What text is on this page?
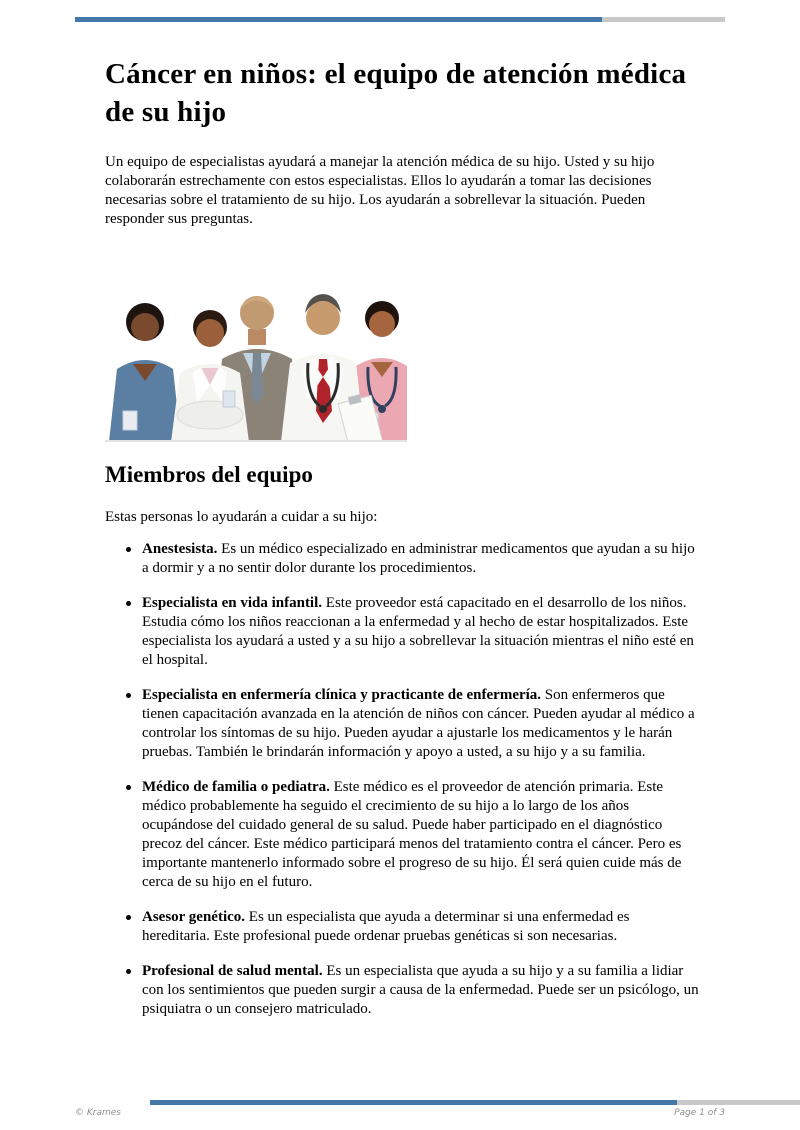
Cáncer en niños: el equipo de atención médica de su hijo

Un equipo de especialistas ayudará a manejar la atención médica de su hijo. Usted y su hijo colaborarán estrechamente con estos especialistas. Ellos lo ayudarán a tomar las decisiones necesarias sobre el tratamiento de su hijo. Los ayudarán a sobrellevar la situación. Pueden responder sus preguntas.

Miembros del equipo

Estas personas lo ayudarán a cuidar a su hijo:

Anestesista. Es un médico especializado en administrar medicamentos que ayudan a su hijo a dormir y a no sentir dolor durante los procedimientos.
Especialista en vida infantil. Este proveedor está capacitado en el desarrollo de los niños. Estudia cómo los niños reaccionan a la enfermedad y al hecho de estar hospitalizados. Este especialista los ayudará a usted y a su hijo a sobrellevar la situación mientras el niño esté en el hospital.
Especialista en enfermería clínica y practicante de enfermería. Son enfermeros que tienen capacitación avanzada en la atención de niños con cáncer. Pueden ayudar al médico a controlar los síntomas de su hijo. Pueden ayudar a ajustarle los medicamentos y le harán pruebas. También le brindarán información y apoyo a usted, a su hijo y a su familia.
Médico de familia o pediatra. Este médico es el proveedor de atención primaria. Este médico probablemente ha seguido el crecimiento de su hijo a lo largo de los años ocupándose del cuidado general de su salud. Puede haber participado en el diagnóstico precoz del cáncer. Este médico participará menos del tratamiento contra el cáncer. Pero es importante mantenerlo informado sobre el progreso de su hijo. Él será quien cuide más de cerca de su hijo en el futuro.
Asesor genético. Es un especialista que ayuda a determinar si una enfermedad es hereditaria. Este profesional puede ordenar pruebas genéticas si son necesarias.
Profesional de salud mental. Es un especialista que ayuda a su hijo y a su familia a lidiar con los sentimientos que pueden surgir a causa de la enfermedad. Puede ser un psicólogo, un psiquiatra o un consejero matriculado.
© Krames	Page 1 of 3
